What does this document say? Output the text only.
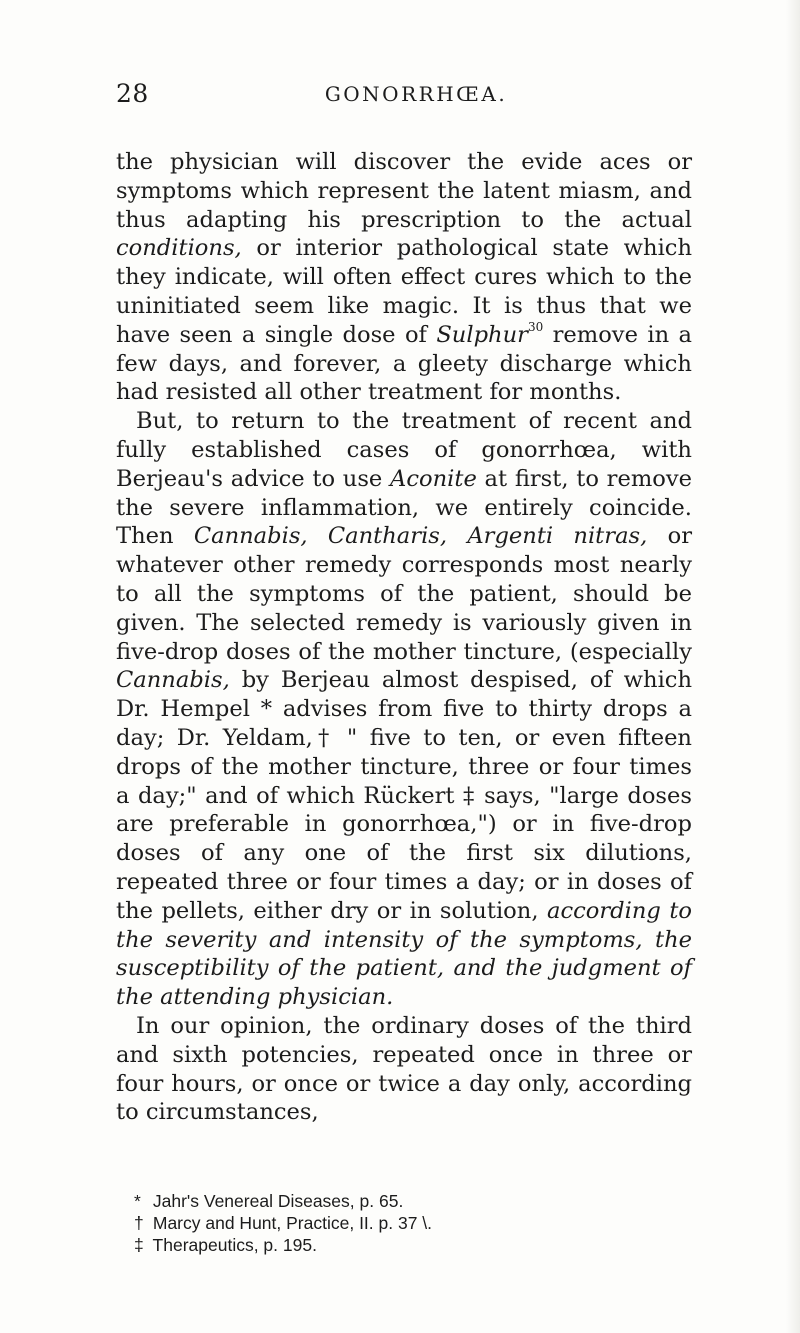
28	GONORRHŒA.

the physician will discover the evide aces or symptoms which represent the latent miasm, and thus adapting his prescription to the actual conditions, or interior pathological state which they indicate, will often effect cures which to the uninitiated seem like magic. It is thus that we have seen a single dose of Sulphur$^{30}$ remove in a few days, and forever, a gleety discharge which had resisted all other treatment for months.

But, to return to the treatment of recent and fully established cases of gonorrhœa, with Berjeau's advice to use Aconite at first, to remove the severe inflammation, we entirely coincide. Then Cannabis, Cantharis, Argenti nitras, or whatever other remedy corresponds most nearly to all the symptoms of the patient, should be given. The selected remedy is variously given in five-drop doses of the mother tincture, (especially Cannabis, by Berjeau almost despised, of which Dr. Hempel * advises from five to thirty drops a day; Dr. Yeldam,† " five to ten, or even fifteen drops of the mother tincture, three or four times a day;" and of which Rückert ‡ says, "large doses are preferable in gonorrhœa,") or in five-drop doses of any one of the first six dilutions, repeated three or four times a day; or in doses of the pellets, either dry or in solution, according to the severity and intensity of the symptoms, the susceptibility of the patient, and the judgment of the attending physician.

In our opinion, the ordinary doses of the third and sixth potencies, repeated once in three or four hours, or once or twice a day only, according to circumstances,

* Jahr's Venereal Diseases, p. 65.

† Marcy and Hunt, Practice, II. p. 37 \.

‡ Therapeutics, p. 195.
